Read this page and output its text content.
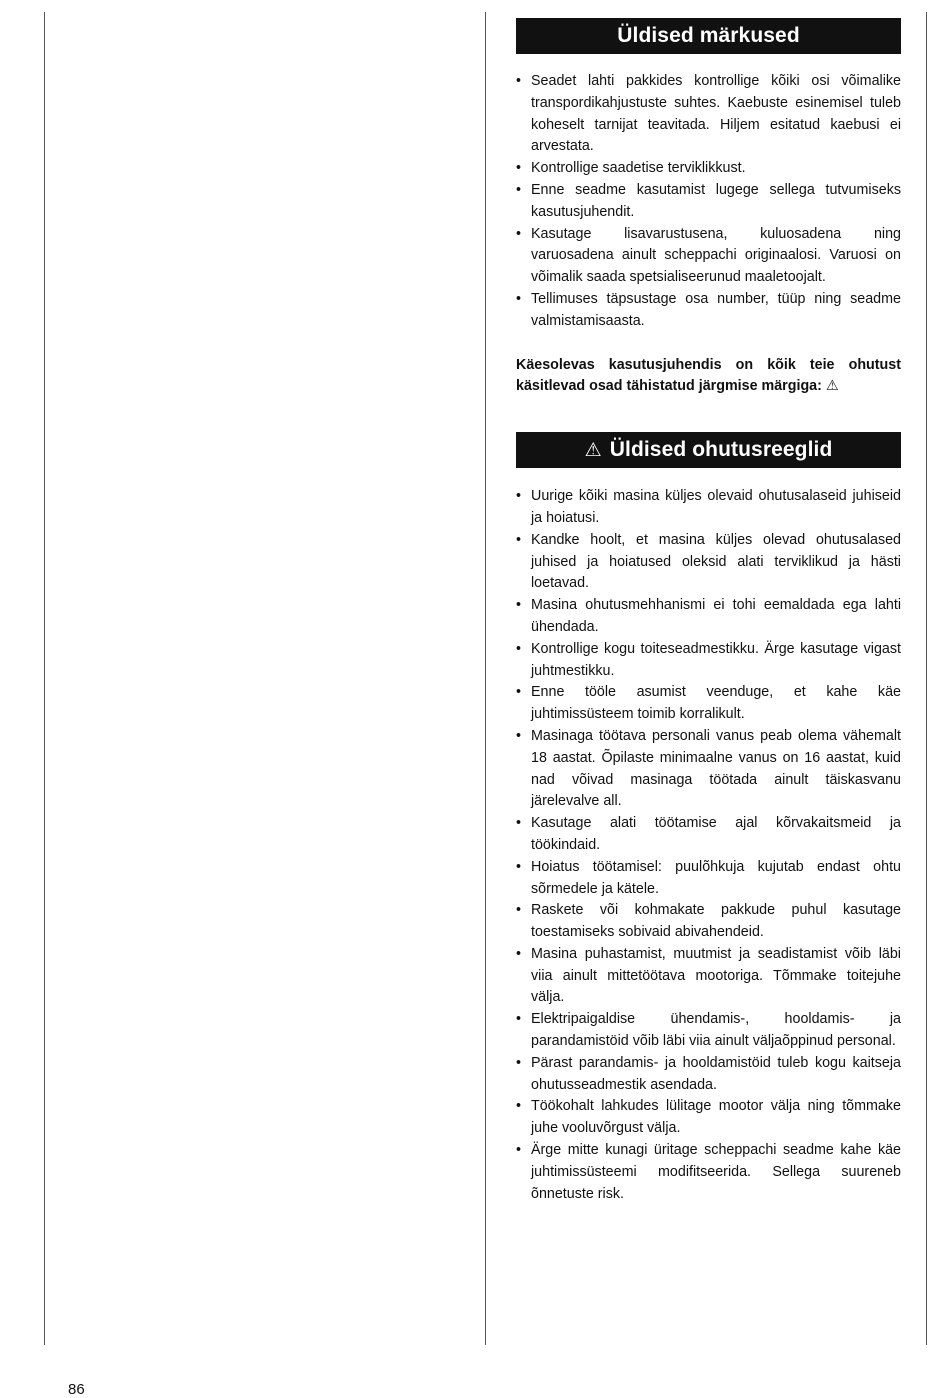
Üldised märkused
• Seadet lahti pakkides kontrollige kõiki osi võimalike transpordikahjustuste suhtes. Kaebuste esinemisel tuleb koheselt tarnijat teavitada. Hiljem esitatud kaebusi ei arvestata.
• Kontrollige saadetise terviklikkust.
• Enne seadme kasutamist lugege sellega tutvumiseks kasutusjuhendit.
• Kasutage lisavarustusena, kuluosadena ning varuosadena ainult scheppachi originaalosi. Varuosi on võimalik saada spetsialiseerunud maaletoojalt.
• Tellimuses täpsustage osa number, tüüp ning seadme valmistamisaasta.
Käesolevas kasutusjuhendis on kõik teie ohutust käsitlevad osad tähistatud järgmise märgiga: ⚠
⚠ Üldised ohutusreeglid
• Uurige kõiki masina küljes olevaid ohutusalaseid juhiseid ja hoiatusi.
• Kandke hoolt, et masina küljes olevad ohutusalased juhised ja hoiatused oleksid alati terviklikud ja hästi loetavad.
• Masina ohutusmehhanismi ei tohi eemaldada ega lahti ühendada.
• Kontrollige kogu toiteseadmestikku. Ärge kasutage vigast juhtmestikku.
• Enne tööle asumist veenduge, et kahe käe juhtimissüsteem toimib korralikult.
• Masinaga töötava personali vanus peab olema vähemalt 18 aastat. Õpilaste minimaalne vanus on 16 aastat, kuid nad võivad masinaga töötada ainult täiskasvanu järelevalve all.
• Kasutage alati töötamise ajal kõrvakaitsmeid ja töökindaid.
• Hoiatus töötamisel: puulõhkuja kujutab endast ohtu sõrmedele ja kätele.
• Raskete või kohmakate pakkude puhul kasutage toestamiseks sobivaid abivahendeid.
• Masina puhastamist, muutmist ja seadistamist võib läbi viia ainult mittetöötava mootoriga. Tõmmake toitejuhe välja.
• Elektripaigaldise ühendamis-, hooldamis- ja parandamistöid võib läbi viia ainult väljaõppinud personal.
• Pärast parandamis- ja hooldamistöid tuleb kogu kaitseja ohutusseadmestik asendada.
• Töökohalt lahkudes lülitage mootor välja ning tõmmake juhe vooluvõrgust välja.
• Ärge mitte kunagi üritage scheppachi seadme kahe käe juhtimissüsteemi modifitseerida. Sellega suureneb õnnetuste risk.
86
